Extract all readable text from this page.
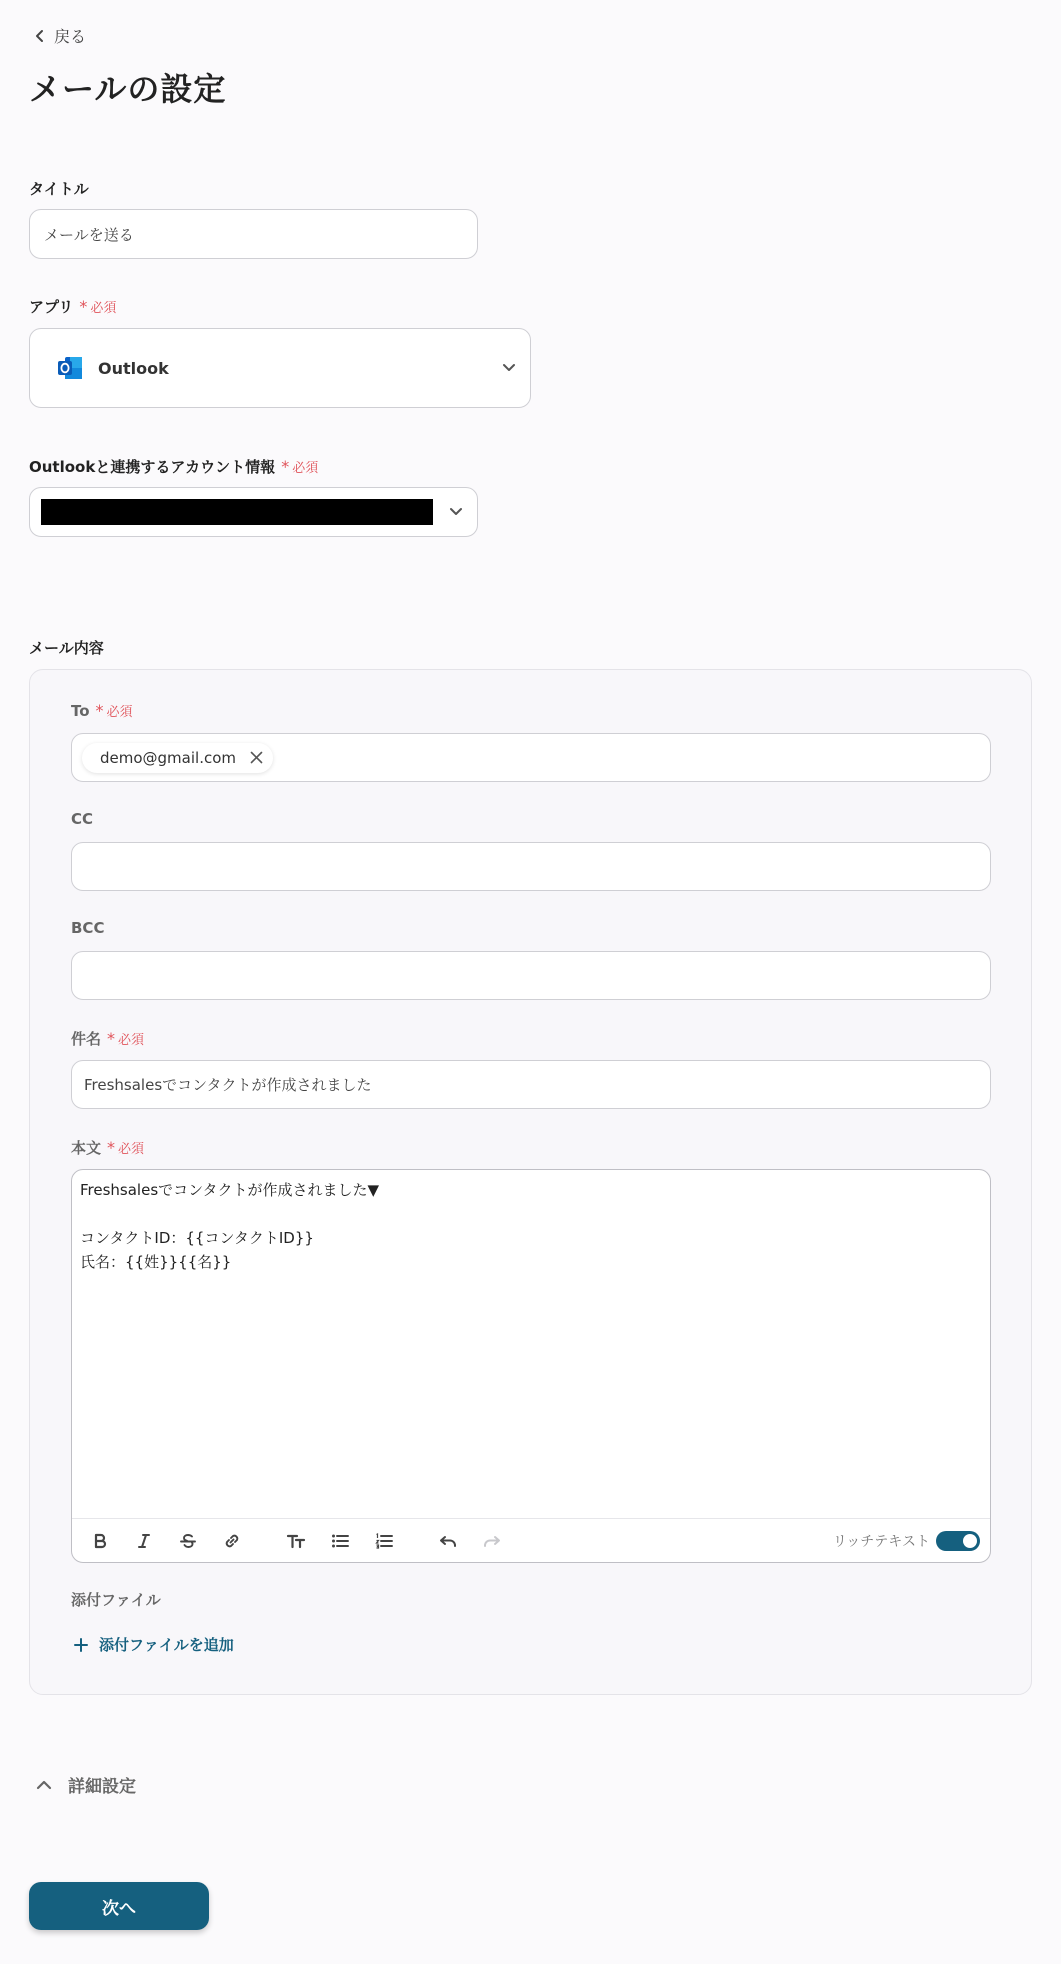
戻る
メールの設定
タイトル
メールを送る
アプリ * 必須
Outlook
Outlookと連携するアカウント情報 * 必須
メール内容
To * 必須
demo@gmail.com
CC
BCC
件名 * 必須
Freshsalesでコンタクトが作成されました
本文 * 必須

Freshsalesでコンタクトが作成されました▼

コンタクトID：{{コンタクトID}}

氏名：{{姓}}{{名}}

リッチテキスト
添付ファイル
添付ファイルを追加
詳細設定
次へ
